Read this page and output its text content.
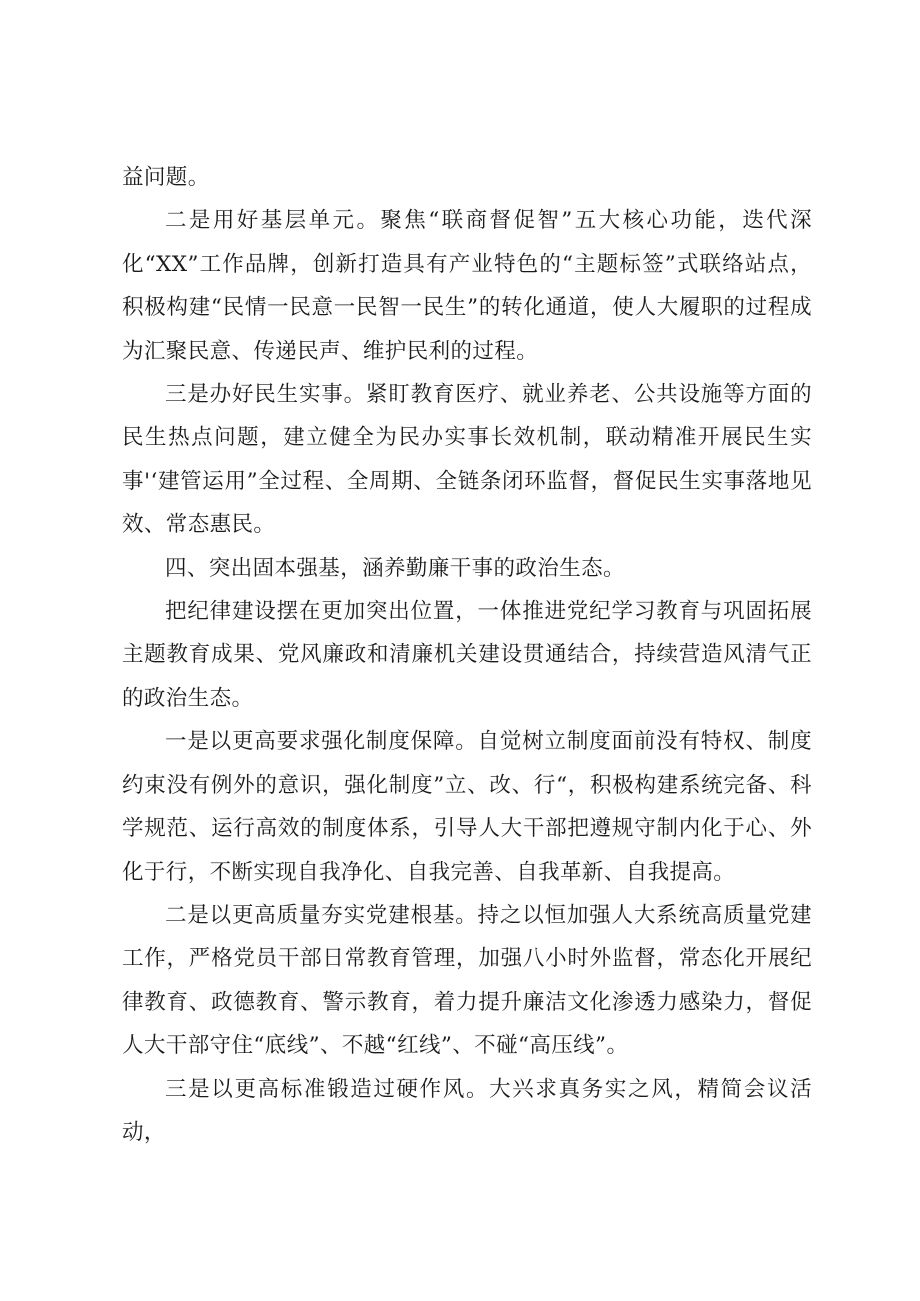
益问题。

二是用好基层单元。聚焦“联商督促智”五大核心功能，迭代深化“XX”工作品牌，创新打造具有产业特色的“主题标签”式联络站点，积极构建“民情一民意一民智一民生”的转化通道，使人大履职的过程成为汇聚民意、传递民声、维护民利的过程。

三是办好民生实事。紧盯教育医疗、就业养老、公共设施等方面的民生热点问题，建立健全为民办实事长效机制，联动精准开展民生实事'‘建管运用”全过程、全周期、全链条闭环监督，督促民生实事落地见效、常态惠民。

四、突出固本强基，涵养勤廉干事的政治生态。

把纪律建设摆在更加突出位置，一体推进党纪学习教育与巩固拓展主题教育成果、党风廉政和清廉机关建设贯通结合，持续营造风清气正的政治生态。

一是以更高要求强化制度保障。自觉树立制度面前没有特权、制度约束没有例外的意识，强化制度”立、改、行“，积极构建系统完备、科学规范、运行高效的制度体系，引导人大干部把遵规守制内化于心、外化于行，不断实现自我净化、自我完善、自我革新、自我提高。

二是以更高质量夯实党建根基。持之以恒加强人大系统高质量党建工作，严格党员干部日常教育管理，加强八小时外监督，常态化开展纪律教育、政德教育、警示教育，着力提升廉洁文化渗透力感染力，督促人大干部守住“底线”、不越“红线”、不碰“高压线”。

三是以更高标准锻造过硬作风。大兴求真务实之风，精简会议活动，
